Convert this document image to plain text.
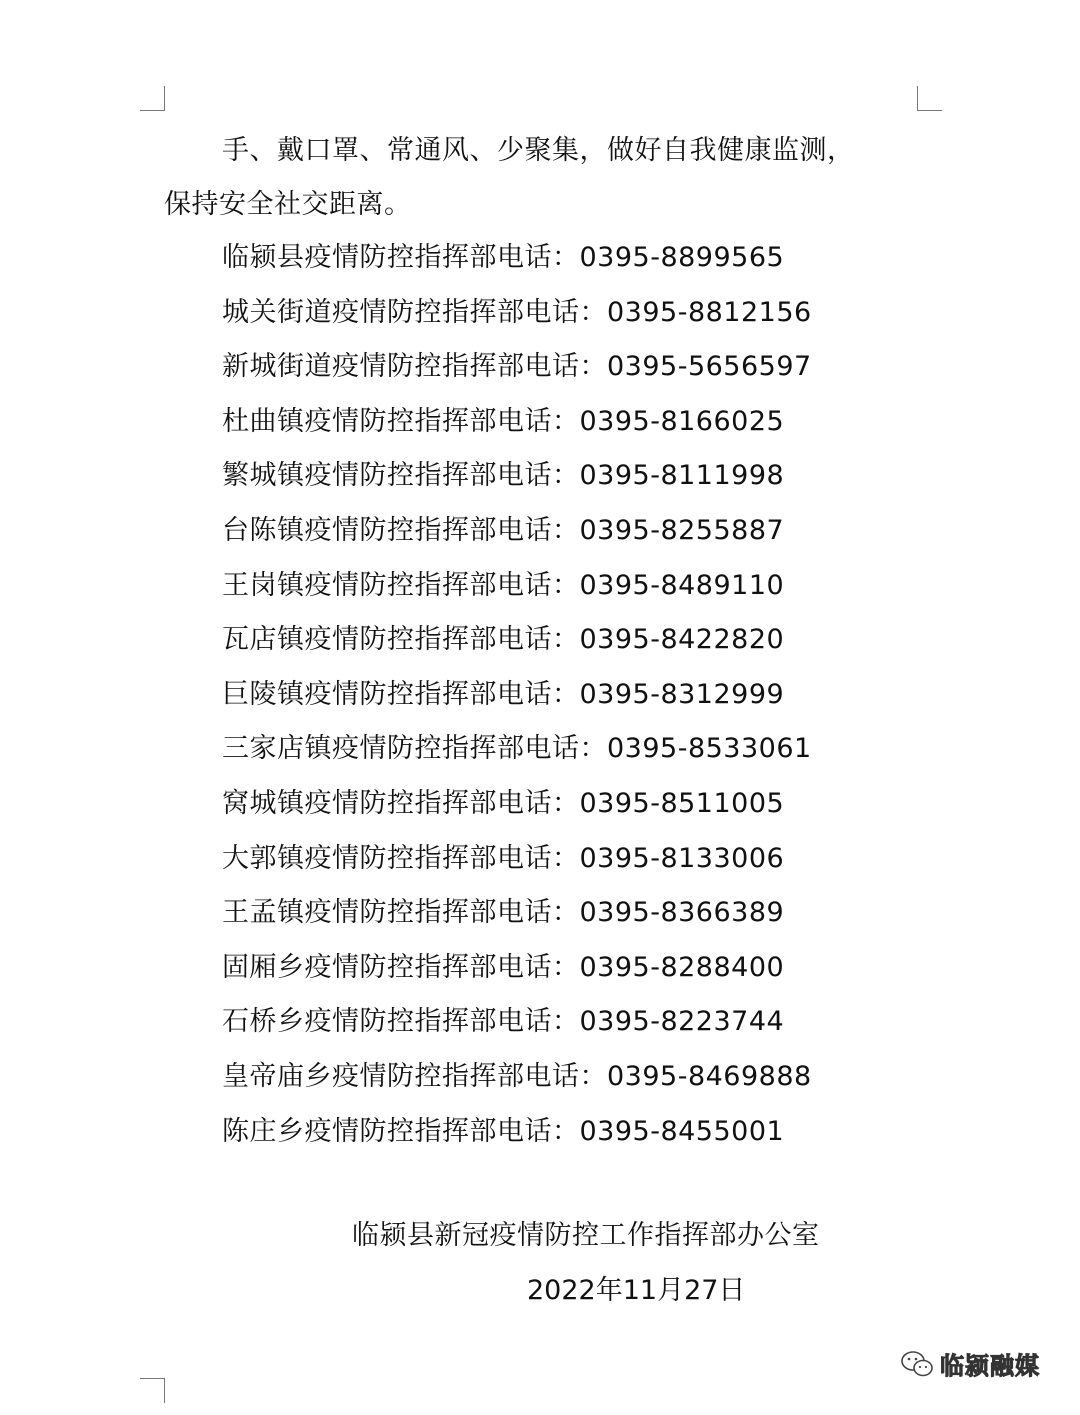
手、戴口罩、常通风、少聚集，做好自我健康监测，
保持安全社交距离。
临颍县疫情防控指挥部电话：0395-8899565
城关街道疫情防控指挥部电话：0395-8812156
新城街道疫情防控指挥部电话：0395-5656597
杜曲镇疫情防控指挥部电话：0395-8166025
繁城镇疫情防控指挥部电话：0395-8111998
台陈镇疫情防控指挥部电话：0395-8255887
王岗镇疫情防控指挥部电话：0395-8489110
瓦店镇疫情防控指挥部电话：0395-8422820
巨陵镇疫情防控指挥部电话：0395-8312999
三家店镇疫情防控指挥部电话：0395-8533061
窝城镇疫情防控指挥部电话：0395-8511005
大郭镇疫情防控指挥部电话：0395-8133006
王孟镇疫情防控指挥部电话：0395-8366389
固厢乡疫情防控指挥部电话：0395-8288400
石桥乡疫情防控指挥部电话：0395-8223744
皇帝庙乡疫情防控指挥部电话：0395-8469888
陈庄乡疫情防控指挥部电话：0395-8455001
临颍县新冠疫情防控工作指挥部办公室
2022年11月27日
临颍融媒
